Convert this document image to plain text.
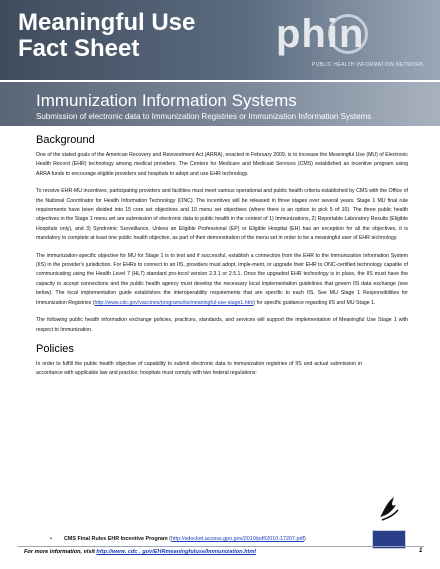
Meaningful Use
Fact Sheet	phin
PUBLIC HEALTH INFORMATION NETWORK
Immunization Information Systems
Submission of electronic data to Immunization Registries or Immunization Information Systems
Background

One of the stated goals of the American Recovery and Reinvestment Act (ARRA), enacted in February 2009, is to increase the Meaningful Use (MU) of Electronic Health Record (EHR) technology among medical providers. The Centers for Medicare and Medicaid Services (CMS) established an incentive program using ARRA funds to encourage eligible providers and hospitals to adopt and use EHR technology.

To receive EHR-MU incentives, participating providers and facilities must meet various operational and public health criteria established by CMS with the Office of the National Coordinator for Health Information Technology (ONC). The incentives will be released in three stages over several years. Stage 1 MU final rule requirements have been divided into 15 core set objectives and 10 menu set objectives (where there is an option to pick 5 of 10). The three public health objectives in the Stage 1 menu set are submission of electronic data to public health in the context of 1) Immunizations, 2) Reportable Laboratory Results (Eligible Hospitals only), and 3) Syndromic Surveillance. Unless an Eligible Professional (EP) or Eligible Hospital (EH) has an exception for all the objectives, it is mandatory to complete at least one public health objective, as part of their demonstration of the menu set in order to be a meaningful user of EHR technology.

The immunization-specific objective for MU for Stage 1 is to test and if successful, establish a connection from the EHR to the Immunization Information System (IIS) in the provider's jurisdiction. For EHRs to connect to an IIS, providers must adopt, imple-ment, or upgrade their EHR to ONC-certified technology capable of communicating using the Health Level 7 (HL7) standard pro-tocol version 2.3.1 or 2.5.1. Once the upgraded EHR technology is in place, the IIS must have the capacity to accept connections and the public health agency must develop the necessary local implementation guidelines that govern IIS data exchange (see below). The local implementation guide establishes the interoperability requirements that are specific to each IIS. See MU Stage 1 Responsibilities for Immunization Registries (http://www.cdc.gov/vaccines/programs/iis/meaningful-use-stage1.htm) for specific guidance regarding IIS and MU Stage 1.

The following public health information exchange policies, practices, standards, and services will support the implementation of Meaningful Use Stage 1 with respect to Immunization.

Policies

In order to fulfill the public health objective of capability to submit electronic data to immunization registries of IIS and actual submission in accordance with applicable law and practice; hospitals must comply with two federal regulations:

• CMS Final Rules EHR Incentive Program (http://edocket.access.gpo.gov/2010/pdf/2010-17207.pdf)
For more information, visit http://www. cdc . gov/EHRmeaningfuluse/Immunization.html	1
